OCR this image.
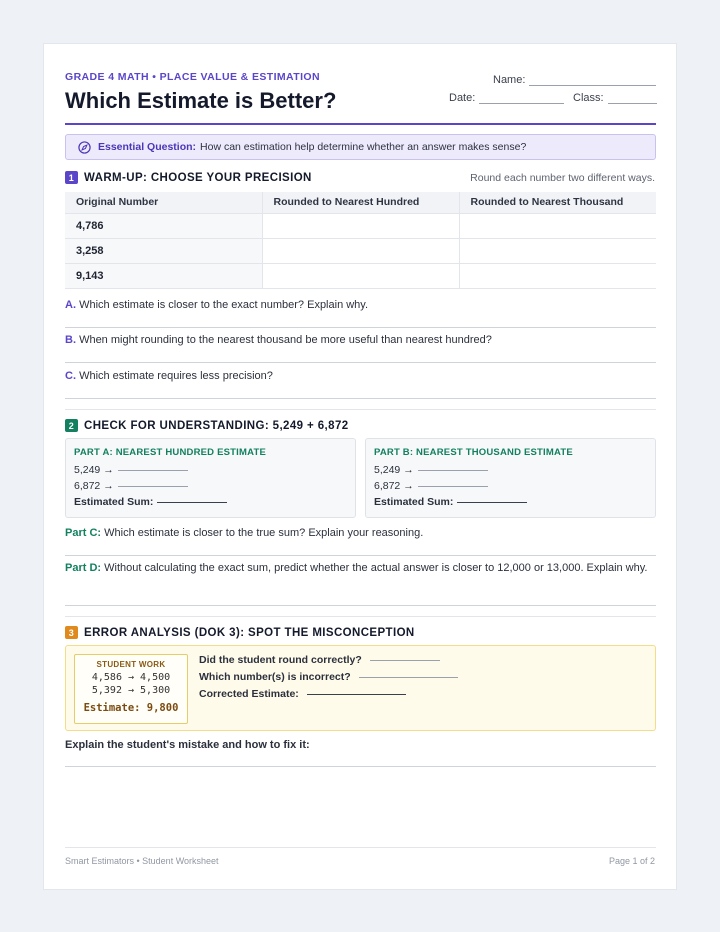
GRADE 4 MATH • PLACE VALUE & ESTIMATION
Which Estimate is Better?
Name:
Date:	Class:
Essential Question: How can estimation help determine whether an answer makes sense?
1 WARM-UP: CHOOSE YOUR PRECISION	Round each number two different ways.
Original Number	Rounded to Nearest Hundred	Rounded to Nearest Thousand
4,786		
3,258		
9,143		
A. Which estimate is closer to the exact number? Explain why.
B. When might rounding to the nearest thousand be more useful than nearest hundred?
C. Which estimate requires less precision?
2 CHECK FOR UNDERSTANDING: 5,249 + 6,872
PART A: NEAREST HUNDRED ESTIMATE
5,249 →
6,872 →
Estimated Sum:
PART B: NEAREST THOUSAND ESTIMATE
5,249 →
6,872 →
Estimated Sum:
Part C: Which estimate is closer to the true sum? Explain your reasoning.
Part D: Without calculating the exact sum, predict whether the actual answer is closer to 12,000 or 13,000. Explain why.
3 ERROR ANALYSIS (DOK 3): SPOT THE MISCONCEPTION
STUDENT WORK
4,586 → 4,500
5,392 → 5,300
Estimate: 9,800
Did the student round correctly?
Which number(s) is incorrect?
Corrected Estimate:
Explain the student's mistake and how to fix it:
Smart Estimators • Student Worksheet	Page 1 of 2
